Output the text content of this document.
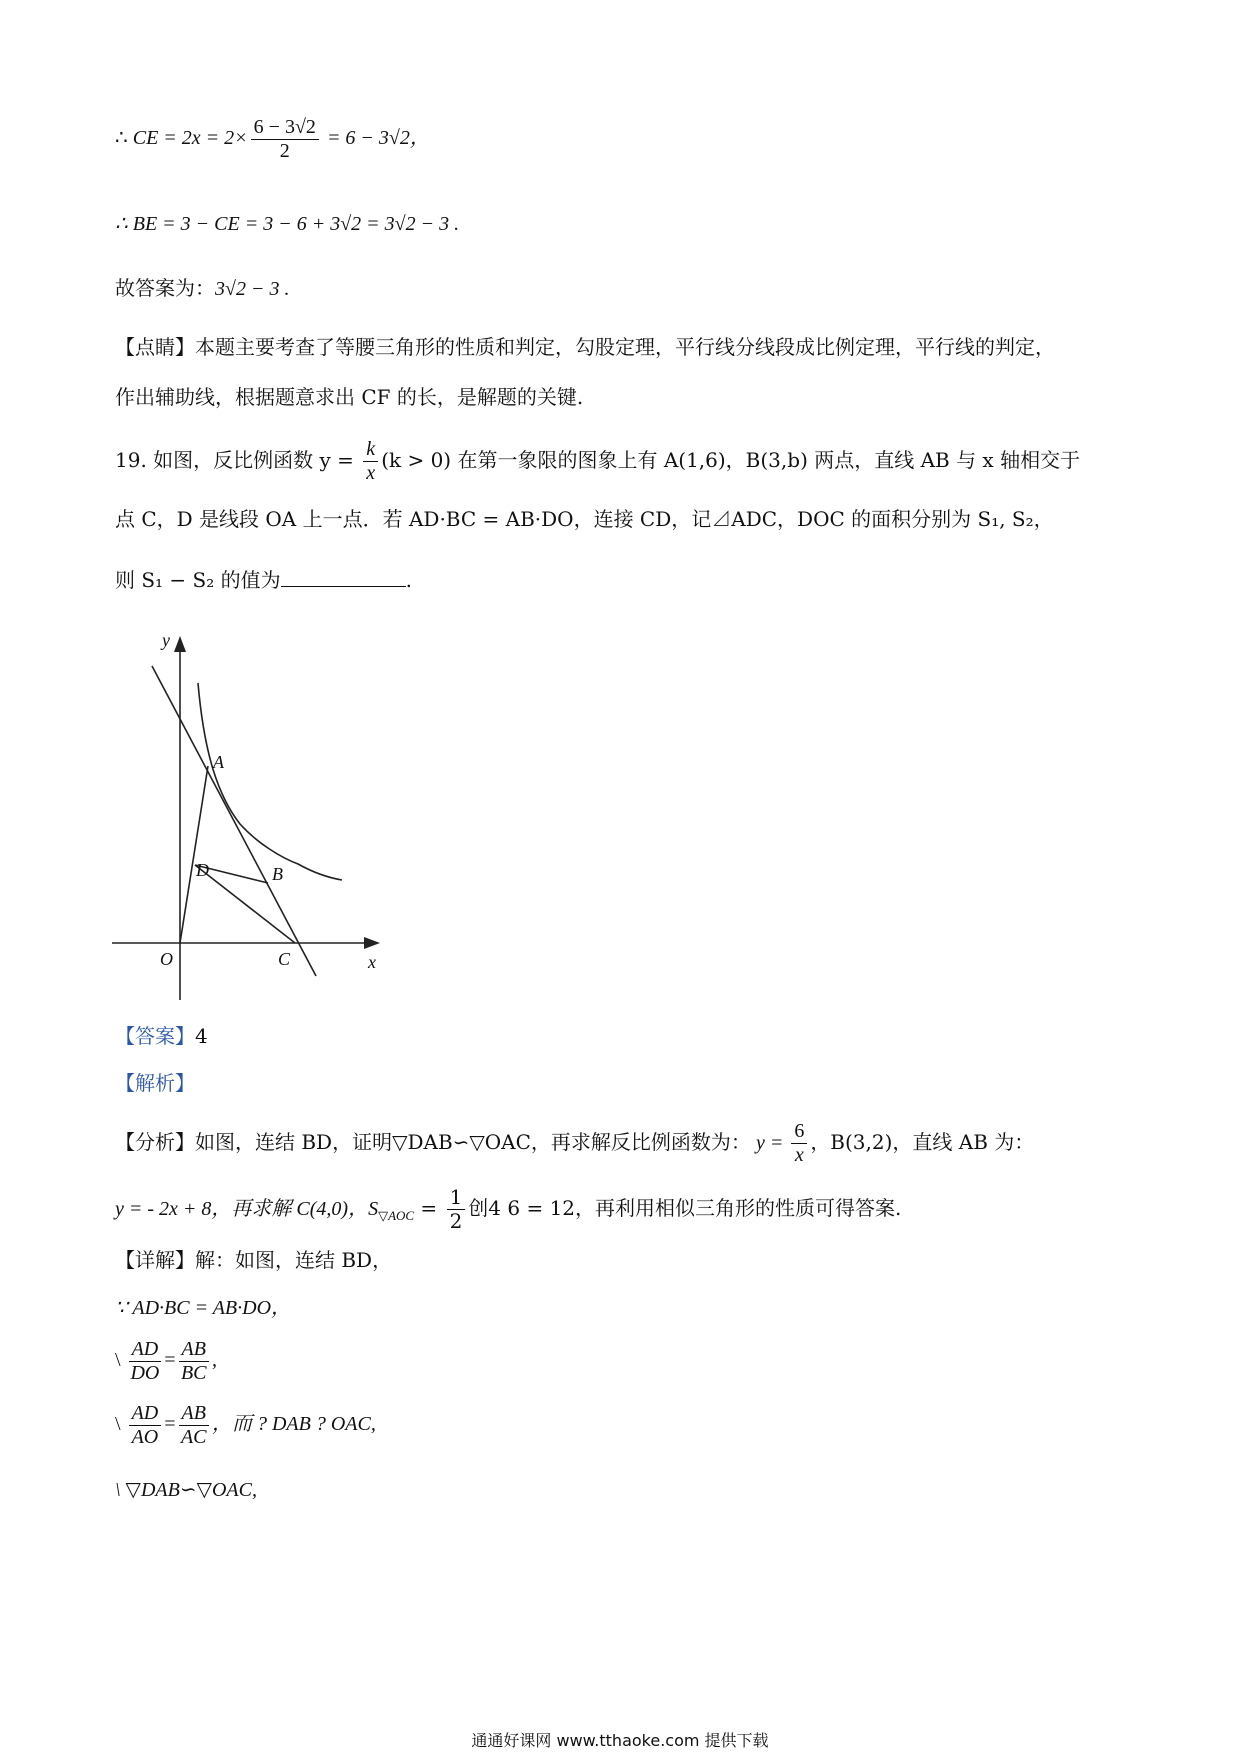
∴ CE = $2x = 2\times \frac{6 - 3√2}{2} = 6 - 3√2$，
∴ BE = 3 − CE = 3 − 6 + 3√2 = 3√2 − 3 .
故答案为：3√2 − 3 .
【点睛】本题主要考查了等腰三角形的性质和判定，勾股定理，平行线分线段成比例定理，平行线的判定，
作出辅助线，根据题意求出 CF 的长，是解题的关键.
19. 如图，反比例函数 $y = \frac{k}{x} (k > 0)$ 在第一象限的图象上有 A(1,6)，B(3,b) 两点，直线 AB 与 x 轴相交于
点 C，D 是线段 OA 上一点．若 AD·BC = AB·DO，连接 CD，记⊿ADC，DOC 的面积分别为 S₁, S₂，
则 S₁ − S₂ 的值为	.
y
x
O
A
B
C
D
【答案】4
【解析】
【分析】如图，连结 BD，证明▽DAB∽▽OAC，再求解反比例函数为： $y = \frac{6}{x}$ ，B(3,2)，直线 AB 为：
y = - 2x + 8，再求解 C(4,0)，$S_{▽AOC} = \frac{1}{2}$ 创4 6 = 12，再利用相似三角形的性质可得答案.
【详解】解：如图，连结 BD，
∵ AD·BC = AB·DO，
\ $\frac{AD}{DO} = \frac{AB}{BC}$ ,
\ $\frac{AD}{AO} = \frac{AB}{AC}$ ，而 ? DAB ? OAC,
\ ▽DAB∽▽OAC,
通通好课网 www.tthaoke.com 提供下载
